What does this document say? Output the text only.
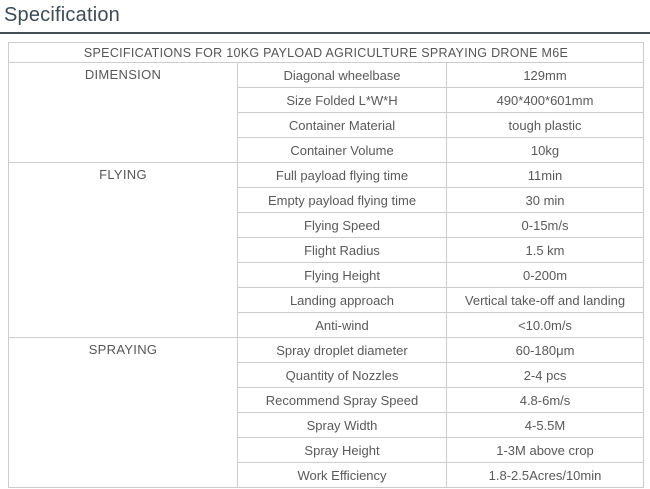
Specification
SPECIFICATIONS FOR 10KG PAYLOAD AGRICULTURE SPRAYING DRONE M6E		
DIMENSION	Diagonal wheelbase	129mm
	Size Folded L*W*H	490*400*601mm
	Container Material	tough plastic
	Container Volume	10kg
FLYING	Full payload flying time	11min
	Empty payload flying time	30 min
	Flying Speed	0-15m/s
	Flight Radius	1.5 km
	Flying Height	0-200m
	Landing approach	Vertical take-off and landing
	Anti-wind	<10.0m/s
SPRAYING	Spray droplet diameter	60-180μm
	Quantity of Nozzles	2-4 pcs
	Recommend Spray Speed	4.8-6m/s
	Spray Width	4-5.5M
	Spray Height	1-3M above crop
	Work Efficiency	1.8-2.5Acres/10min
